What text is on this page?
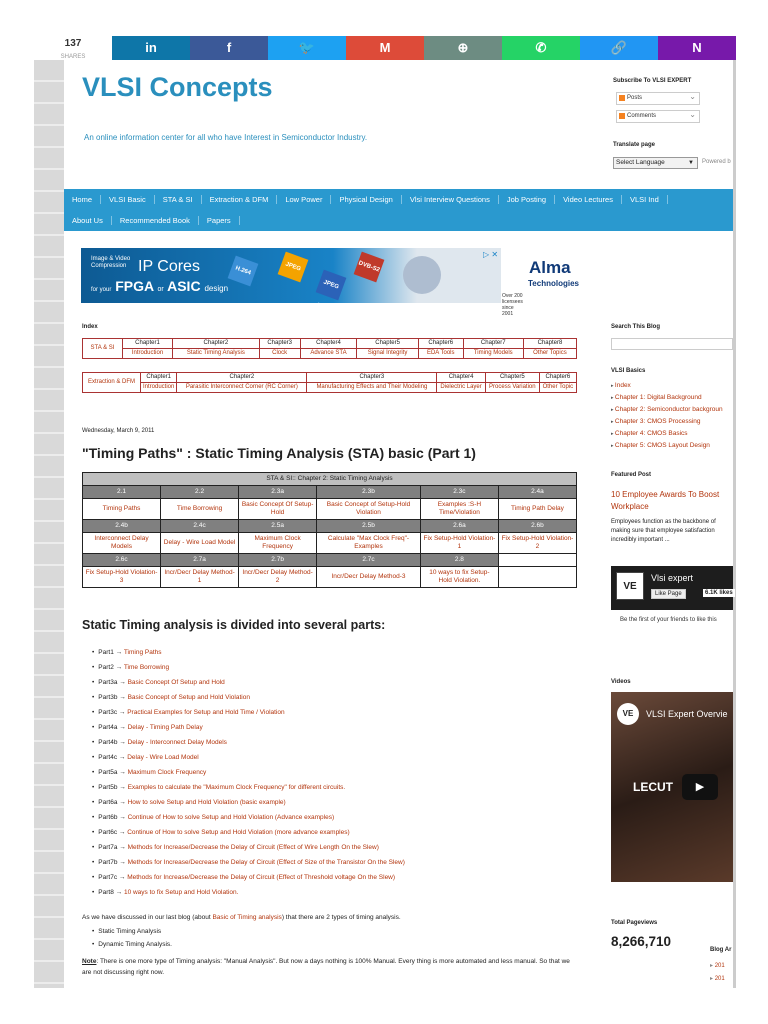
137
SHARES
in	f	🐦	M	⊕	✆	🔗	N
VLSI Concepts
An online information center for all who have Interest in Semiconductor Industry.
Subscribe To VLSI EXPERT
Posts ⌄
Comments ⌄
Translate page
Select Language	▼ Powered b
Home	VLSI Basic	STA & SI	Extraction & DFM	Low Power	Physical Design	Vlsi Interview Questions	Job Posting	Video Lectures	VLSI Ind
About Us	Recommended Book	Papers
Image & Video
Compression IP Cores
for your FPGA or ASIC design
H.264	JPEG
JPEG 2000
DVB-S2	Alma
Technologies
Over 200 licensees since 2001
▷ ✕
Index
STA & SI	Chapter1	Chapter2	Chapter3	Chapter4	Chapter5	Chapter6	Chapter7	Chapter8
	Introduction	Static Timing Analysis	Clock	Advance STA	Signal Integrity	EDA Tools	Timing Models	Other Topics
Extraction & DFM	Chapter1	Chapter2	Chapter3	Chapter4	Chapter5	Chapter6
	Introduction	Parasitic Interconnect Corner (RC Corner)	Manufacturing Effects and Their Modeling	Dielectric Layer	Process Variation	Other Topic
Wednesday, March 9, 2011
"Timing Paths" : Static Timing Analysis (STA) basic (Part 1)
STA & SI:: Chapter 2: Static Timing Analysis					
2.1	2.2	2.3a	2.3b	2.3c	2.4a
Timing Paths	Time Borrowing	Basic Concept Of Setup-Hold	Basic Concept of Setup-Hold Violation	Examples :S-H Time/Violation	Timing Path Delay
2.4b	2.4c	2.5a	2.5b	2.6a	2.6b
Interconnect Delay Models	Delay - Wire Load Model	Maximum Clock Frequency	Calculate "Max Clock Freq"- Examples	Fix Setup-Hold Violation-1	Fix Setup-Hold Violation-2
2.6c	2.7a	2.7b	2.7c	2.8	
Fix Setup-Hold Violation-3	Incr/Decr Delay Method-1	Incr/Decr Delay Method-2	Incr/Decr Delay Method-3	10 ways to fix Setup-Hold Violation.	
Static Timing analysis is divided into several parts:
• Part1 → Timing Paths
• Part2 → Time Borrowing
• Part3a → Basic Concept Of Setup and Hold
• Part3b → Basic Concept of Setup and Hold Violation
• Part3c → Practical Examples for Setup and Hold Time / Violation
• Part4a → Delay - Timing Path Delay
• Part4b → Delay - Interconnect Delay Models
• Part4c → Delay - Wire Load Model
• Part5a → Maximum Clock Frequency
• Part5b → Examples to calculate the "Maximum Clock Frequency" for different circuits.
• Part6a → How to solve Setup and Hold Violation (basic example)
• Part6b → Continue of How to solve Setup and Hold Violation (Advance examples)
• Part6c → Continue of How to solve Setup and Hold Violation (more advance examples)
• Part7a → Methods for Increase/Decrease the Delay of Circuit (Effect of Wire Length On the Slew)
• Part7b → Methods for Increase/Decrease the Delay of Circuit (Effect of Size of the Transistor On the Slew)
• Part7c → Methods for Increase/Decrease the Delay of Circuit (Effect of Threshold voltage On the Slew)
• Part8 → 10 ways to fix Setup and Hold Violation.
As we have discussed in our last blog (about Basic of Timing analysis) that there are 2 types of timing analysis.
• Static Timing Analysis
• Dynamic Timing Analysis.
Note: There is one more type of Timing analysis: "Manual Analysis". But now a days nothing is 100% Manual. Every thing is more automated and less manual. So that we are not discussing right now.
Search This Blog
VLSI Basics
▸ Index
▸ Chapter 1: Digital Background
▸ Chapter 2: Semiconductor backgroun
▸ Chapter 3: CMOS Processing
▸ Chapter 4: CMOS Basics
▸ Chapter 5: CMOS Layout Design
Featured Post
10 Employee Awards To Boost Workplace
Employees function as the backbone of
making sure that employee satisfaction
incredibly important ...
VE
Vlsi expert
Like Page	6.1K likes
Be the first of your friends to like this
Videos
VE	VLSI Expert Overvie
LECUT	▶
Total Pageviews
8,266,710
Blog Ar
▸ 201
▸ 201
